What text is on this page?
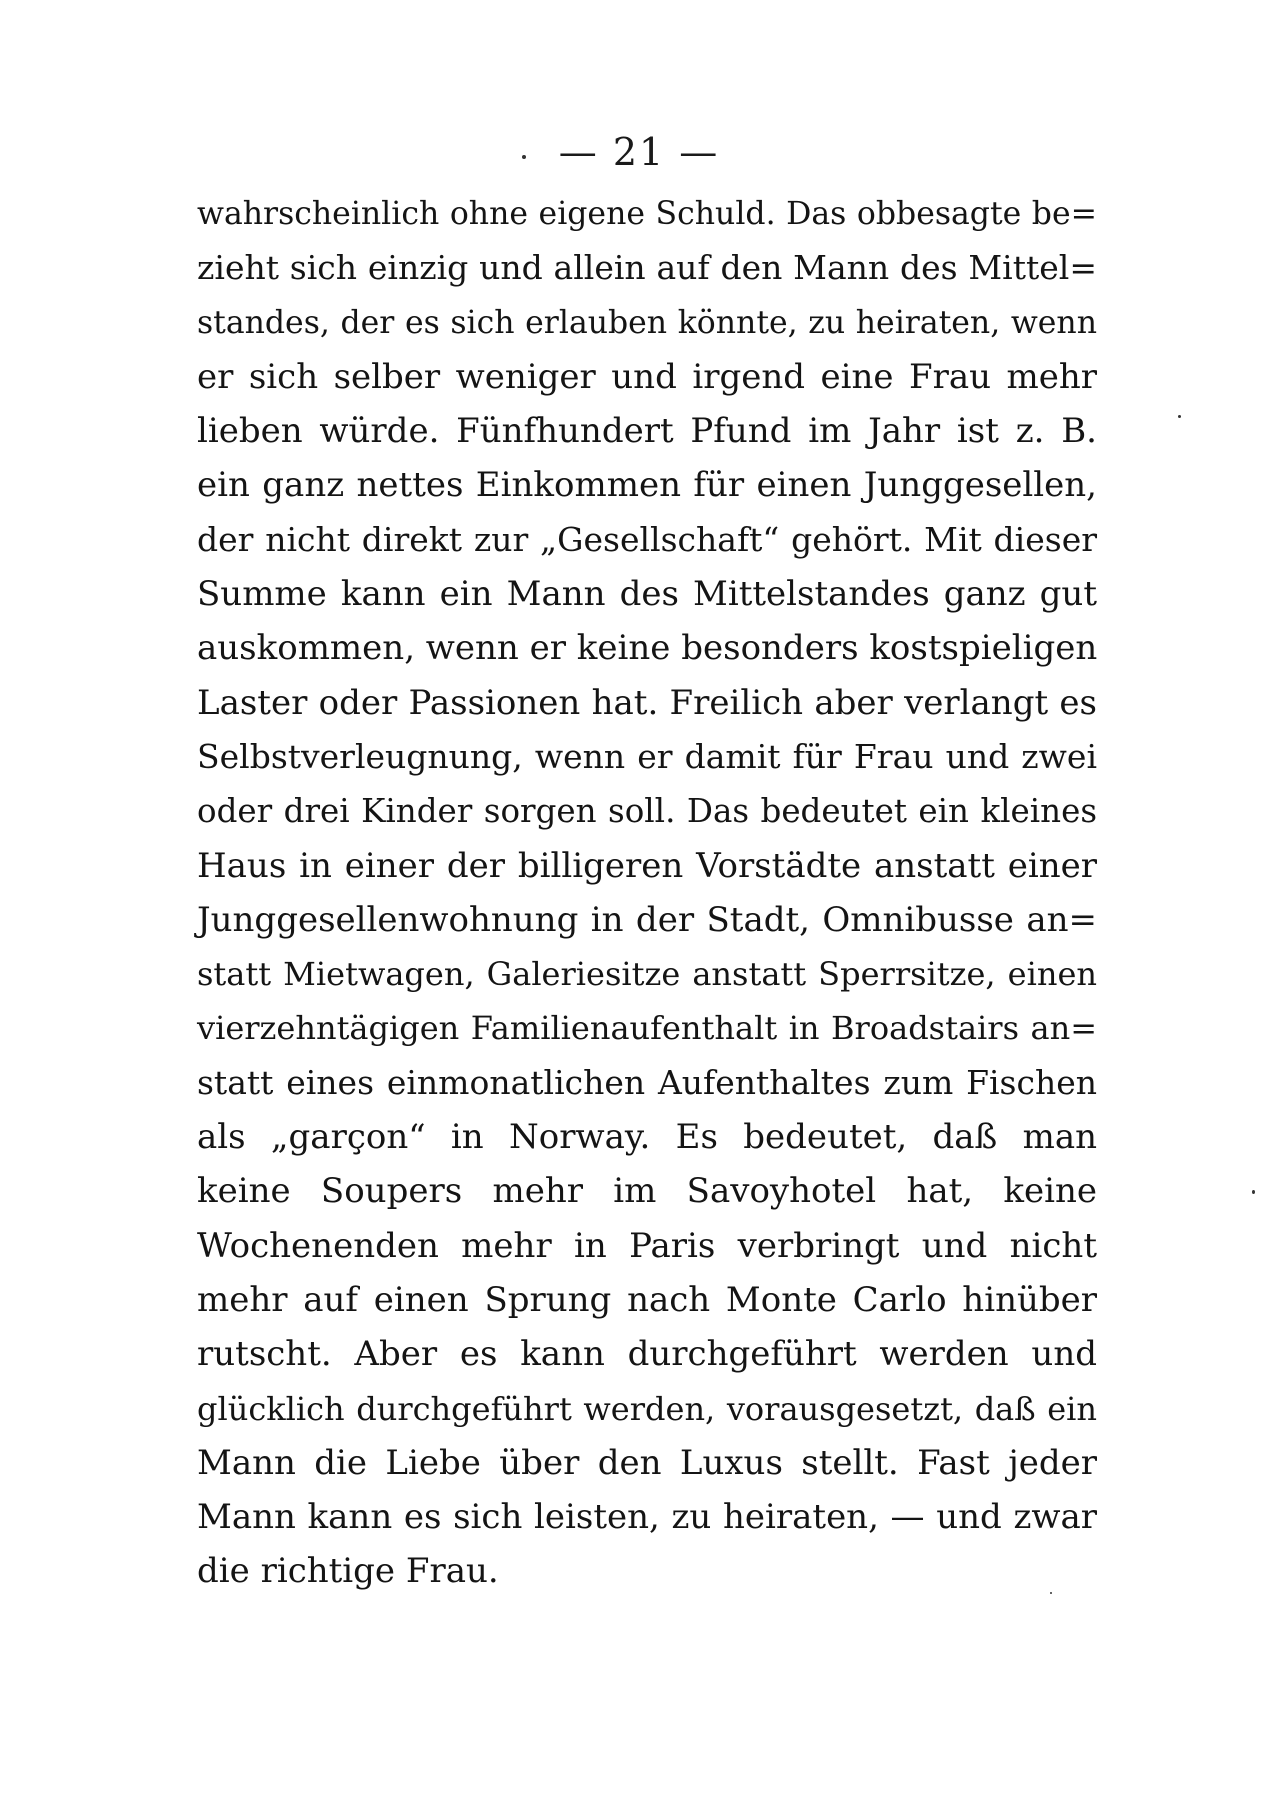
— 21 —
wahrscheinlich ohne eigene Schuld. Das obbesagte be=
zieht sich einzig und allein auf den Mann des Mittel=
standes, der es sich erlauben könnte, zu heiraten, wenn
er sich selber weniger und irgend eine Frau mehr
lieben würde. Fünfhundert Pfund im Jahr ist z. B.
ein ganz nettes Einkommen für einen Junggesellen,
der nicht direkt zur „Gesellschaft“ gehört. Mit dieser
Summe kann ein Mann des Mittelstandes ganz gut
auskommen, wenn er keine besonders kostspieligen
Laster oder Passionen hat. Freilich aber verlangt es
Selbstverleugnung, wenn er damit für Frau und zwei
oder drei Kinder sorgen soll. Das bedeutet ein kleines
Haus in einer der billigeren Vorstädte anstatt einer
Junggesellenwohnung in der Stadt, Omnibusse an=
statt Mietwagen, Galeriesitze anstatt Sperrsitze, einen
vierzehntägigen Familienaufenthalt in Broadstairs an=
statt eines einmonatlichen Aufenthaltes zum Fischen
als „garçon“ in Norway. Es bedeutet, daß man
keine Soupers mehr im Savoyhotel hat, keine
Wochenenden mehr in Paris verbringt und nicht
mehr auf einen Sprung nach Monte Carlo hinüber
rutscht. Aber es kann durchgeführt werden und
glücklich durchgeführt werden, vorausgesetzt, daß ein
Mann die Liebe über den Luxus stellt. Fast jeder
Mann kann es sich leisten, zu heiraten, — und zwar
die richtige Frau.
